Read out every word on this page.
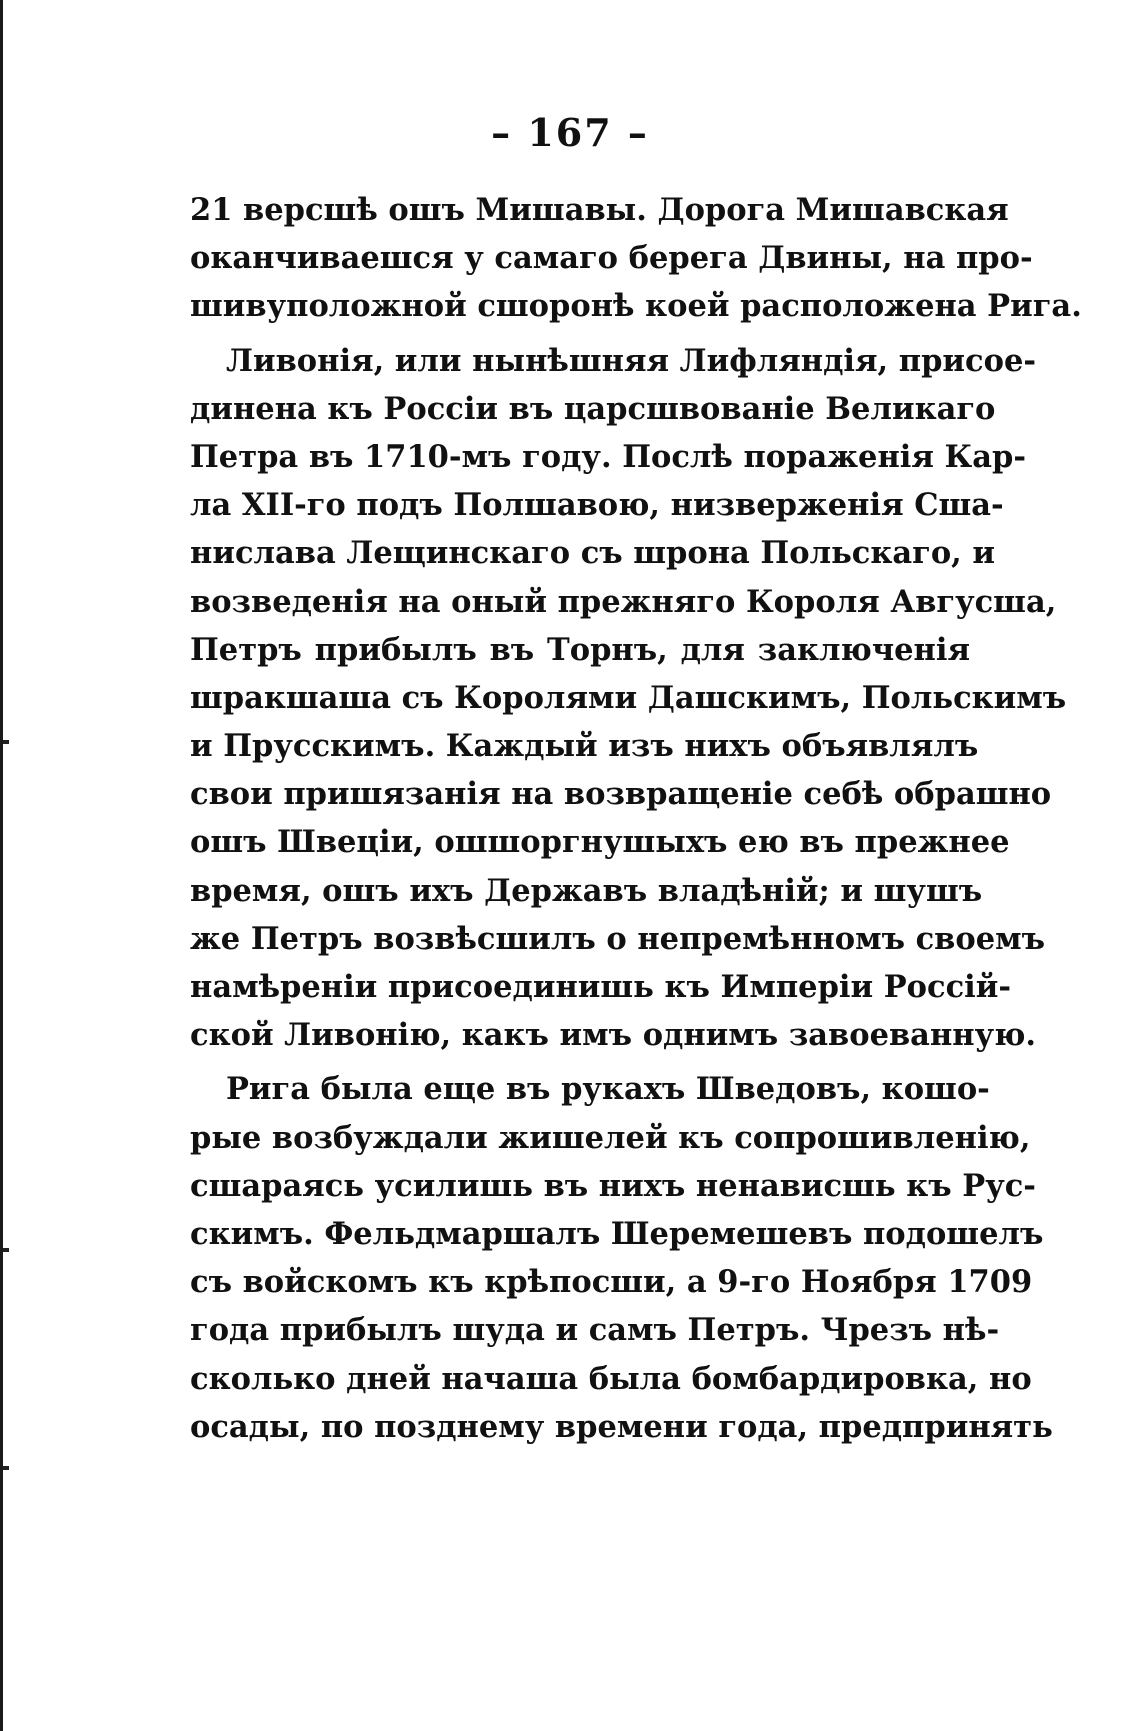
– 167 –
21 версшѣ ошъ Мишавы. Дорога Мишавская
оканчиваешся у самаго берега Двины, на про-
шивуположной сшоронѣ коей расположена Рига.
Ливонія, или нынѣшняя Лифляндія, присое-
динена къ Россіи въ царсшвованіе Великаго
Петра въ 1710-мъ году. Послѣ пораженія Кар-
ла XII-го подъ Полшавою, низверженія Сша-
нислава Лещинскаго съ шрона Польскаго, и
возведенія на оный прежняго Короля Авгусша,
Петръ прибылъ въ Торнъ, для заключенія
шракшаша съ Королями Дашскимъ, Польскимъ
и Прусскимъ. Каждый изъ нихъ объявлялъ
свои пришязанія на возвращеніе себѣ обрашно
ошъ Швеціи, ошшоргнушыхъ ею въ прежнее
время, ошъ ихъ Державъ владѣній; и шушъ
же Петръ возвѣсшилъ о непремѣнномъ своемъ
намѣреніи присоединишь къ Имперіи Россій-
ской Ливонію, какъ имъ однимъ завоеванную.
Рига была еще въ рукахъ Шведовъ, кошо-
рые возбуждали жишелей къ сопрошивленію,
сшараясь усилишь въ нихъ ненависшь къ Рус-
скимъ. Фельдмаршалъ Шеремешевъ подошелъ
съ войскомъ къ крѣпосши, а 9-го Ноября 1709
года прибылъ шуда и самъ Петръ. Чрезъ нѣ-
сколько дней начаша была бомбардировка, но
осады, по позднему времени года, предпринять
